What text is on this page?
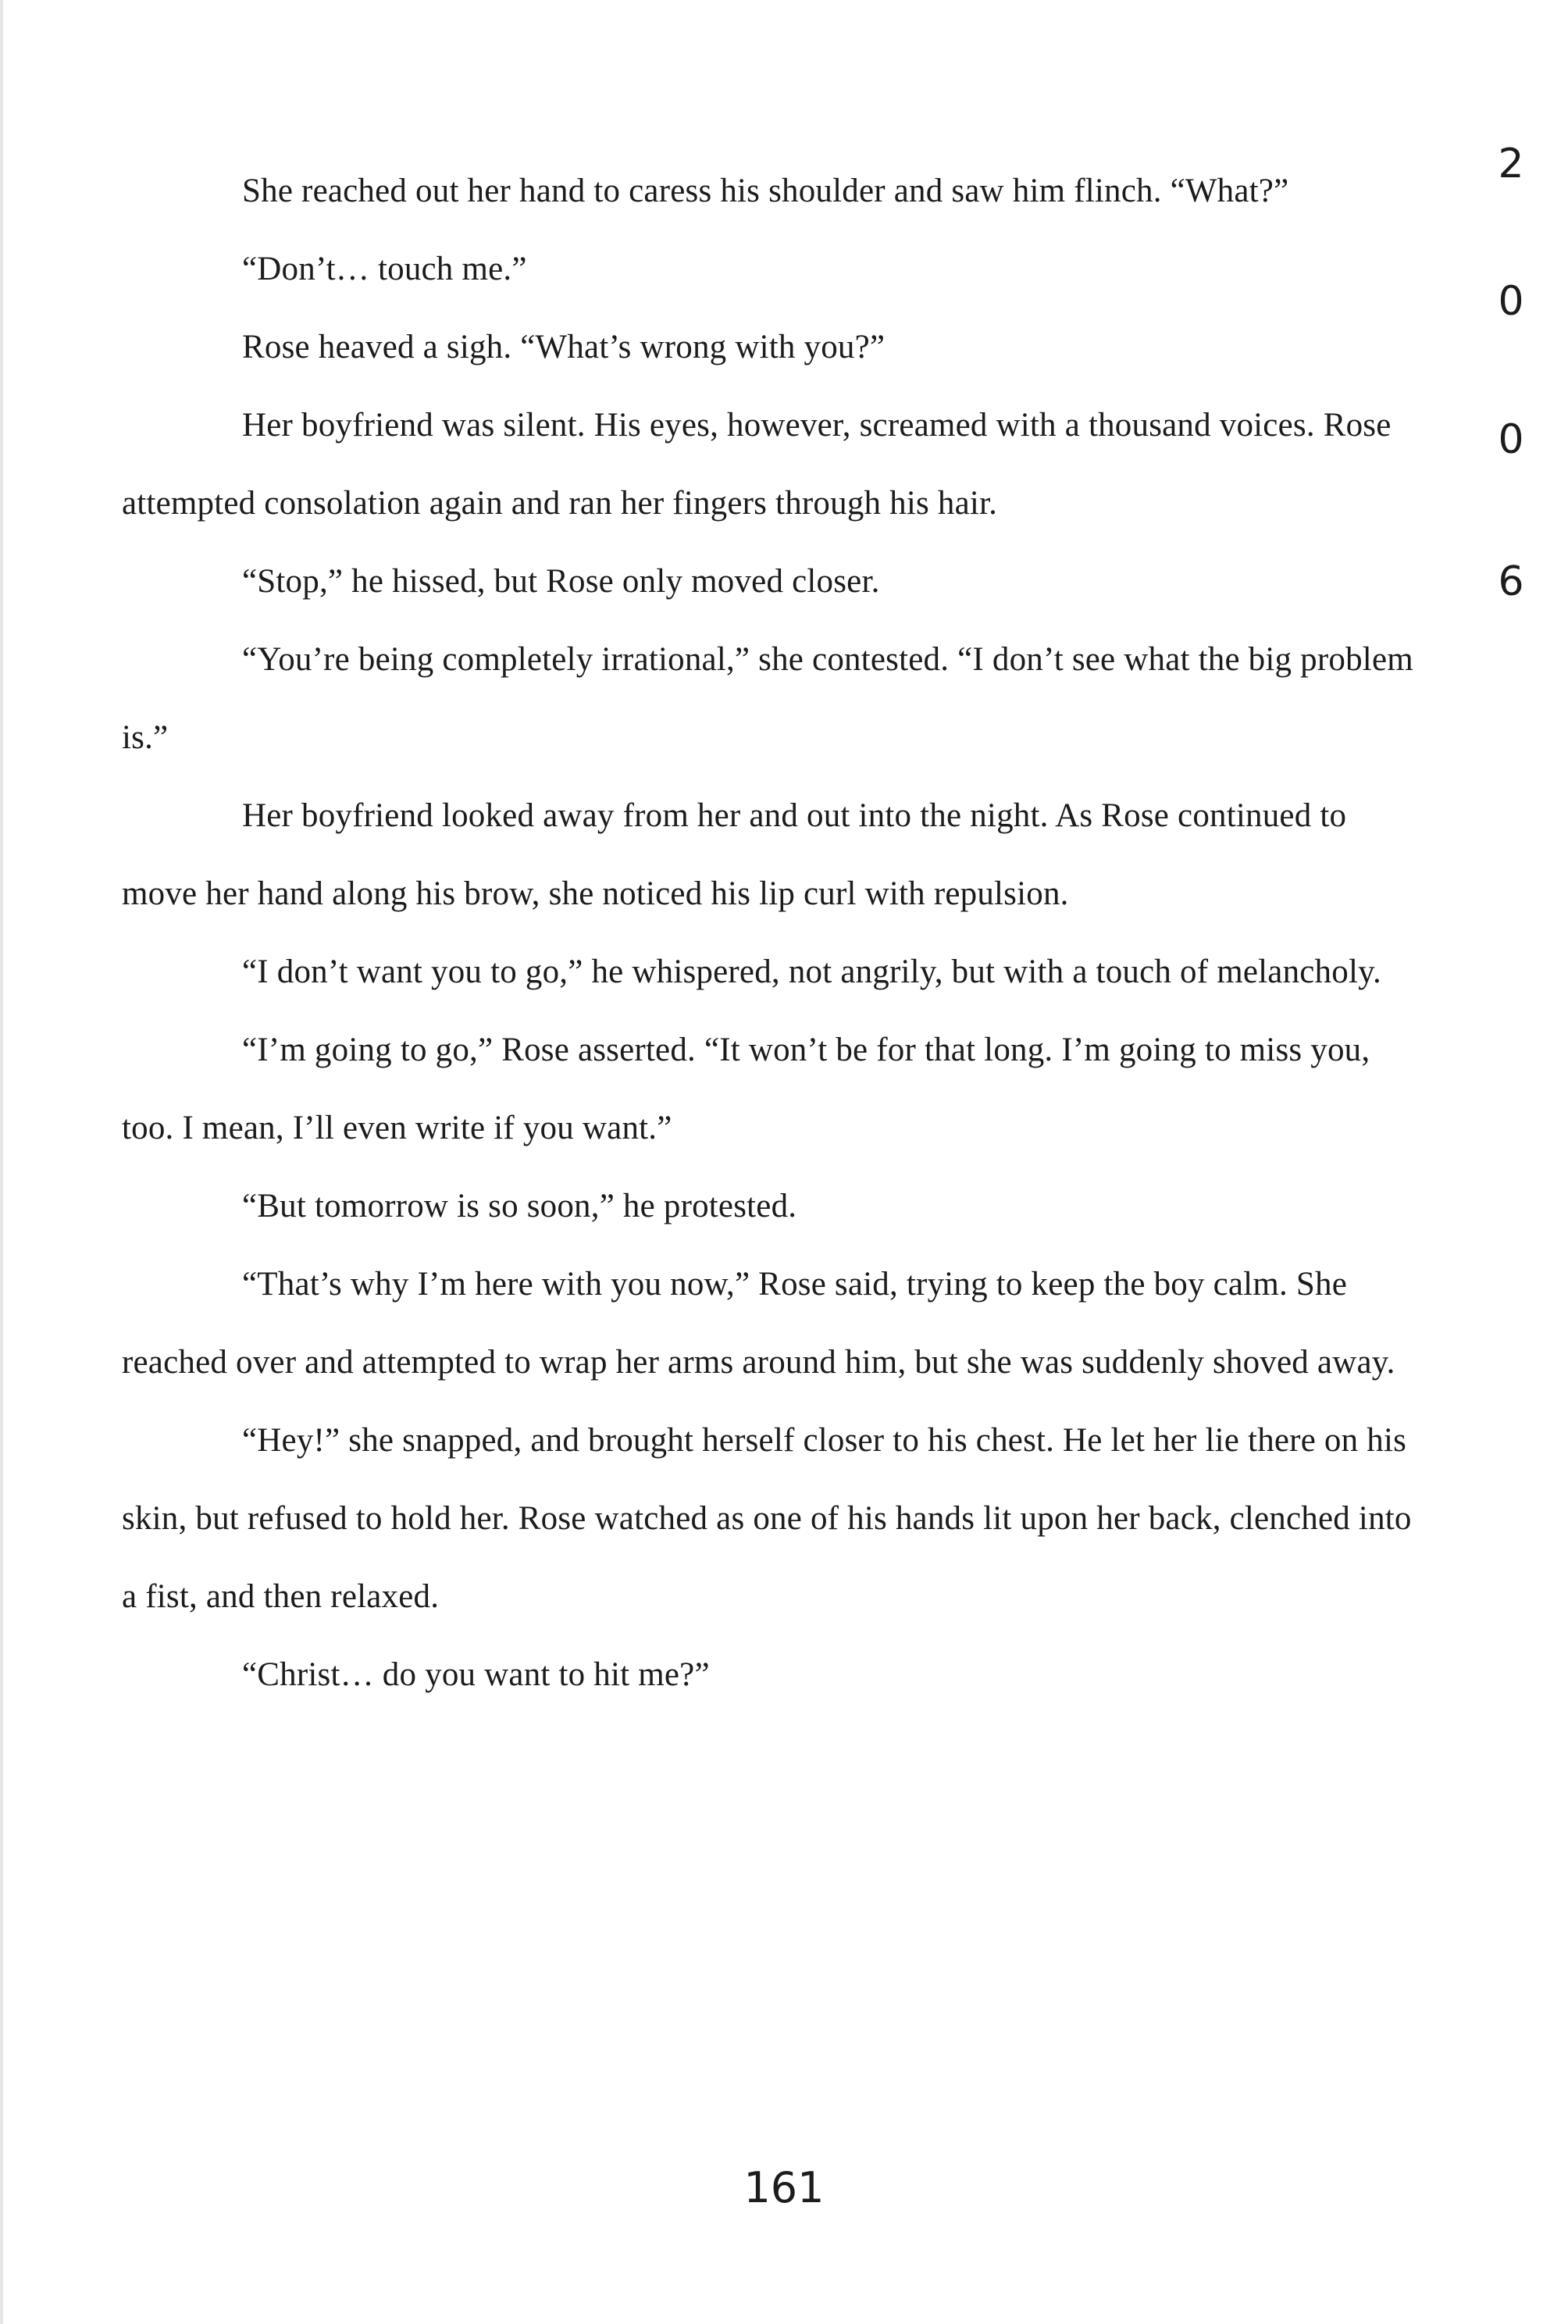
She reached out her hand to caress his shoulder and saw him flinch. “What?”

“Don’t… touch me.”

Rose heaved a sigh. “What’s wrong with you?”

Her boyfriend was silent. His eyes, however, screamed with a thousand voices. Rose attempted consolation again and ran her fingers through his hair.

“Stop,” he hissed, but Rose only moved closer.

“You’re being completely irrational,” she contested. “I don’t see what the big problem is.”

Her boyfriend looked away from her and out into the night. As Rose continued to move her hand along his brow, she noticed his lip curl with repulsion.

“I don’t want you to go,” he whispered, not angrily, but with a touch of melancholy.

“I’m going to go,” Rose asserted. “It won’t be for that long. I’m going to miss you, too. I mean, I’ll even write if you want.”

“But tomorrow is so soon,” he protested.

“That’s why I’m here with you now,” Rose said, trying to keep the boy calm. She reached over and attempted to wrap her arms around him, but she was suddenly shoved away.

“Hey!” she snapped, and brought herself closer to his chest. He let her lie there on his skin, but refused to hold her. Rose watched as one of his hands lit upon her back, clenched into a fist, and then relaxed.

“Christ… do you want to hit me?”

2
0
0
6
161
